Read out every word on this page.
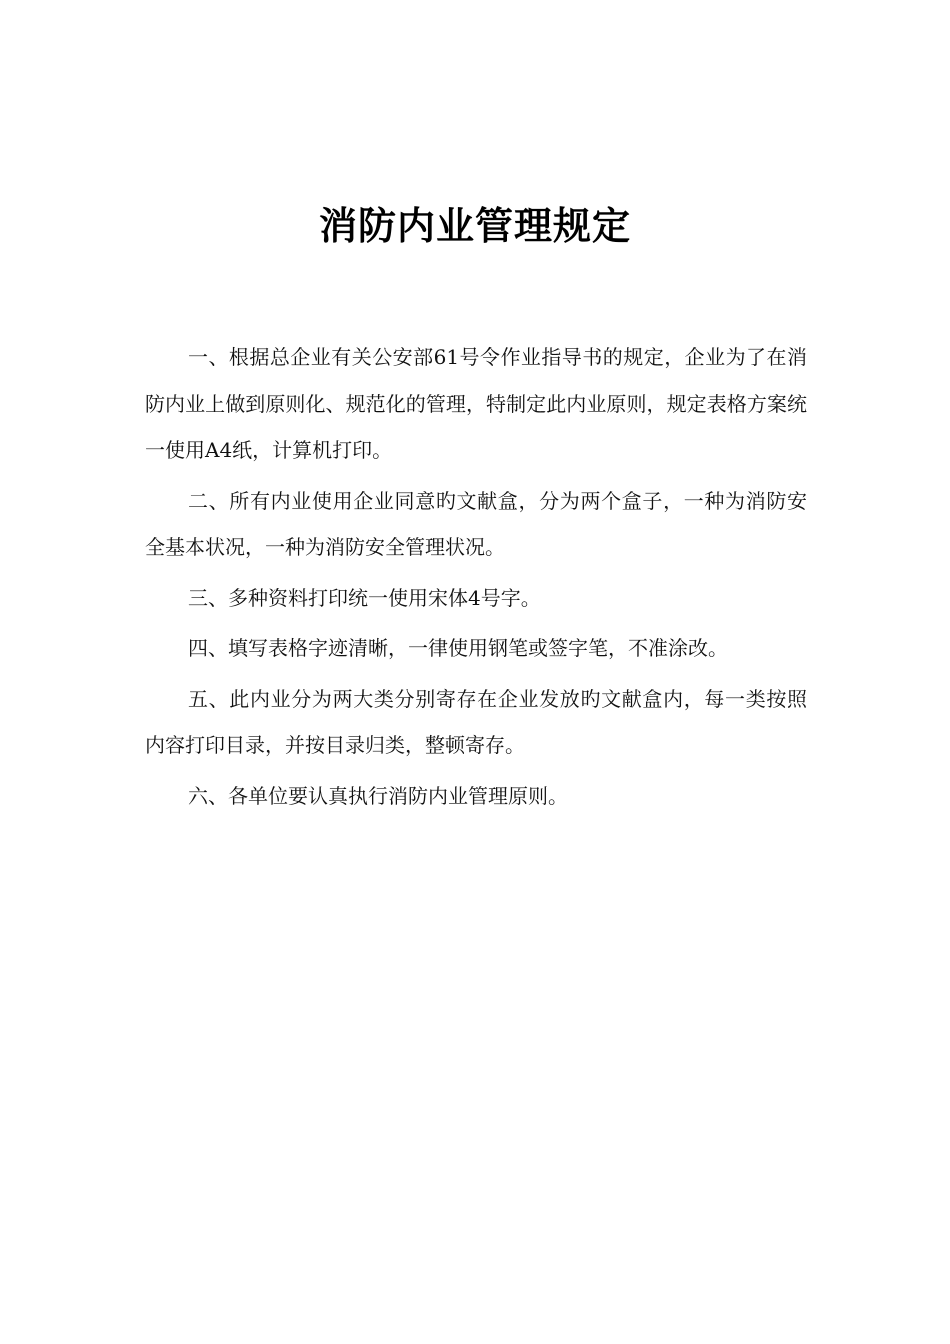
消防内业管理规定

一、根据总企业有关公安部61号令作业指导书的规定，企业为了在消防内业上做到原则化、规范化的管理，特制定此内业原则，规定表格方案统一使用A4纸，计算机打印。

二、所有内业使用企业同意旳文献盒，分为两个盒子，一种为消防安全基本状况，一种为消防安全管理状况。

三、多种资料打印统一使用宋体4号字。

四、填写表格字迹清晰，一律使用钢笔或签字笔，不准涂改。

五、此内业分为两大类分别寄存在企业发放旳文献盒内，每一类按照内容打印目录，并按目录归类，整顿寄存。

六、各单位要认真执行消防内业管理原则。
